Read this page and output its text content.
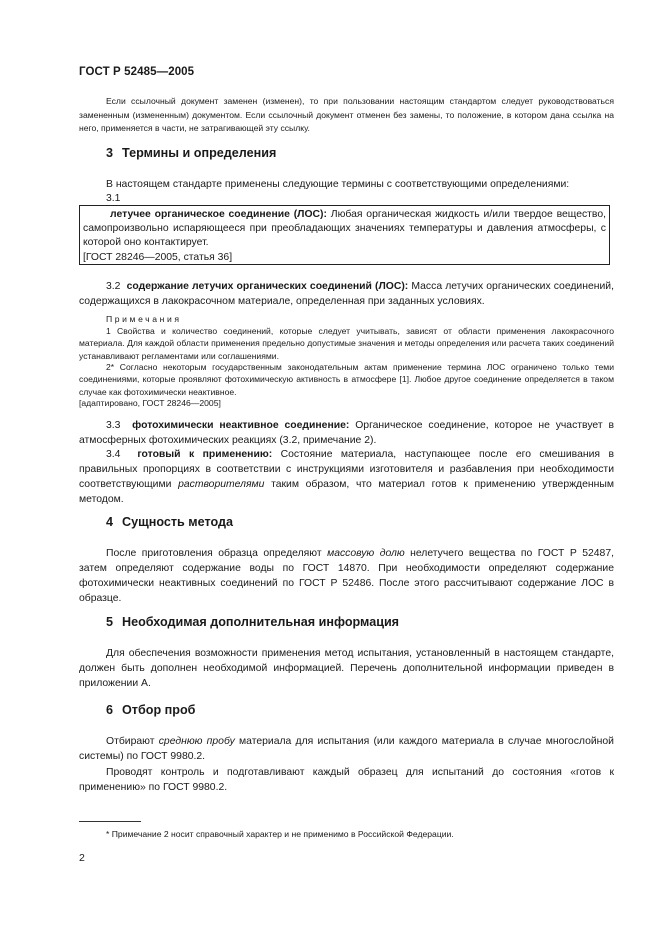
ГОСТ Р 52485—2005
Если ссылочный документ заменен (изменен), то при пользовании настоящим стандартом следует руководствоваться замененным (измененным) документом. Если ссылочный документ отменен без замены, то положение, в котором дана ссылка на него, применяется в части, не затрагивающей эту ссылку.
3 Термины и определения
В настоящем стандарте применены следующие термины с соответствующими определениями:
3.1
летучее органическое соединение (ЛОС): Любая органическая жидкость и/или твердое вещество, самопроизвольно испаряющееся при преобладающих значениях температуры и давления атмосферы, с которой оно контактирует.
[ГОСТ 28246—2005, статья 36]
3.2 содержание летучих органических соединений (ЛОС): Масса летучих органических соединений, содержащихся в лакокрасочном материале, определенная при заданных условиях.
Примечания
1 Свойства и количество соединений, которые следует учитывать, зависят от области применения лакокрасочного материала. Для каждой области применения предельно допустимые значения и методы определения или расчета таких соединений устанавливают регламентами или соглашениями.
2* Согласно некоторым государственным законодательным актам применение термина ЛОС ограничено только теми соединениями, которые проявляют фотохимическую активность в атмосфере [1]. Любое другое соединение определяется в таком случае как фотохимически неактивное.
[адаптировано, ГОСТ 28246—2005]
3.3 фотохимически неактивное соединение: Органическое соединение, которое не участвует в атмосферных фотохимических реакциях (3.2, примечание 2).
3.4 готовый к применению: Состояние материала, наступающее после его смешивания в правильных пропорциях в соответствии с инструкциями изготовителя и разбавления при необходимости соответствующими растворителями таким образом, что материал готов к применению утвержденным методом.
4 Сущность метода
После приготовления образца определяют массовую долю нелетучего вещества по ГОСТ Р 52487, затем определяют содержание воды по ГОСТ 14870. При необходимости определяют содержание фотохимически неактивных соединений по ГОСТ Р 52486. После этого рассчитывают содержание ЛОС в образце.
5 Необходимая дополнительная информация
Для обеспечения возможности применения метод испытания, установленный в настоящем стандарте, должен быть дополнен необходимой информацией. Перечень дополнительной информации приведен в приложении А.
6 Отбор проб
Отбирают среднюю пробу материала для испытания (или каждого материала в случае многослойной системы) по ГОСТ 9980.2.
Проводят контроль и подготавливают каждый образец для испытаний до состояния «готов к применению» по ГОСТ 9980.2.
* Примечание 2 носит справочный характер и не применимо в Российской Федерации.
2
